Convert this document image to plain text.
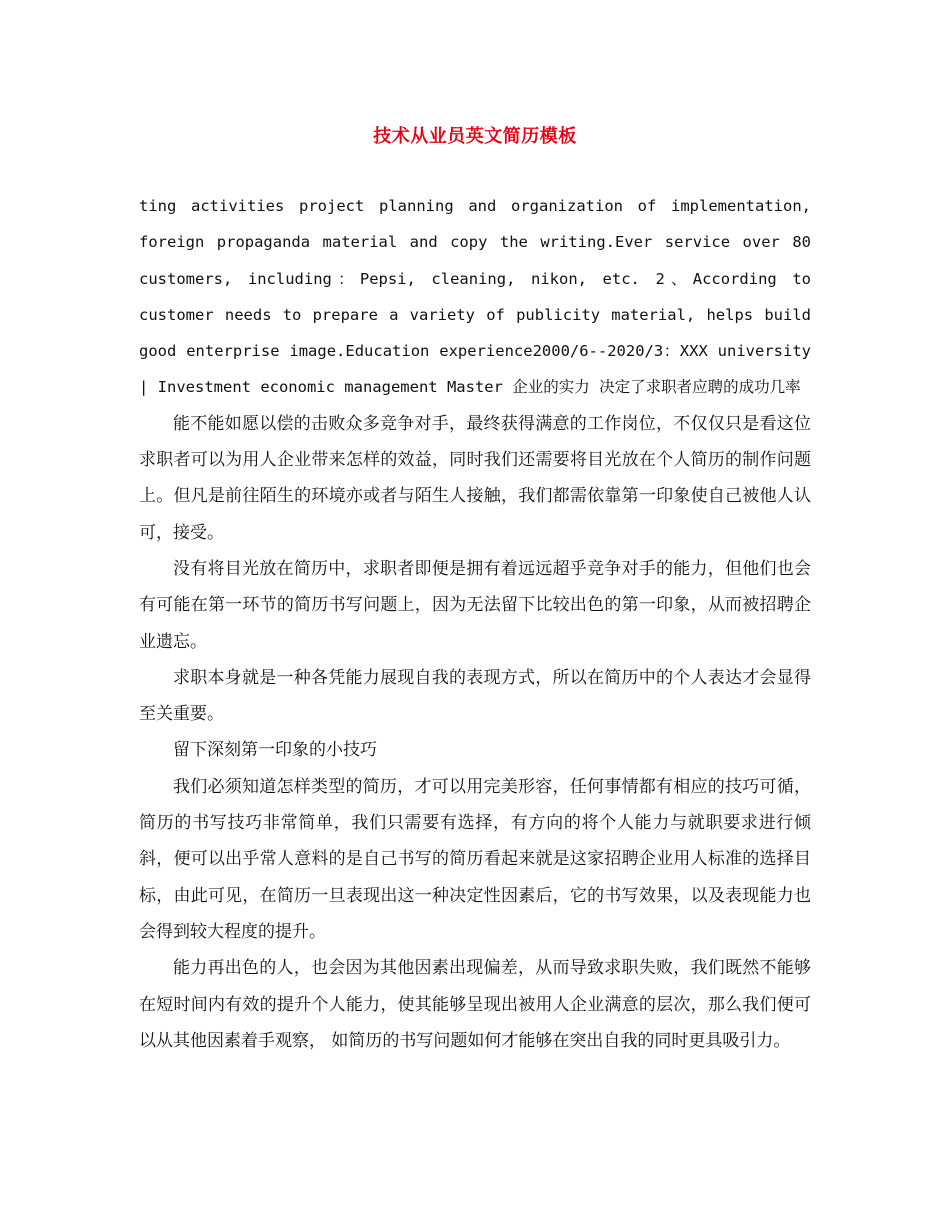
技术从业员英文简历模板

ting activities project planning and organization of implementation, foreign propaganda material and copy the writing.Ever service over 80 customers, including：Pepsi, cleaning, nikon, etc. 2、According to customer needs to prepare a variety of publicity material, helps build good enterprise image.Education experience2000/6--2020/3：XXX university | Investment economic management Master 企业的实力 决定了求职者应聘的成功几率

能不能如愿以偿的击败众多竞争对手，最终获得满意的工作岗位，不仅仅只是看这位求职者可以为用人企业带来怎样的效益，同时我们还需要将目光放在个人简历的制作问题上。但凡是前往陌生的环境亦或者与陌生人接触，我们都需依靠第一印象使自己被他人认可，接受。

没有将目光放在简历中，求职者即便是拥有着远远超乎竞争对手的能力，但他们也会有可能在第一环节的简历书写问题上，因为无法留下比较出色的第一印象，从而被招聘企业遗忘。

求职本身就是一种各凭能力展现自我的表现方式，所以在简历中的个人表达才会显得至关重要。

留下深刻第一印象的小技巧

我们必须知道怎样类型的简历，才可以用完美形容，任何事情都有相应的技巧可循，简历的书写技巧非常简单，我们只需要有选择，有方向的将个人能力与就职要求进行倾斜，便可以出乎常人意料的是自己书写的简历看起来就是这家招聘企业用人标准的选择目标，由此可见，在简历一旦表现出这一种决定性因素后，它的书写效果，以及表现能力也会得到较大程度的提升。

能力再出色的人，也会因为其他因素出现偏差，从而导致求职失败，我们既然不能够在短时间内有效的提升个人能力，使其能够呈现出被用人企业满意的层次，那么我们便可以从其他因素着手观察， 如简历的书写问题如何才能够在突出自我的同时更具吸引力。
